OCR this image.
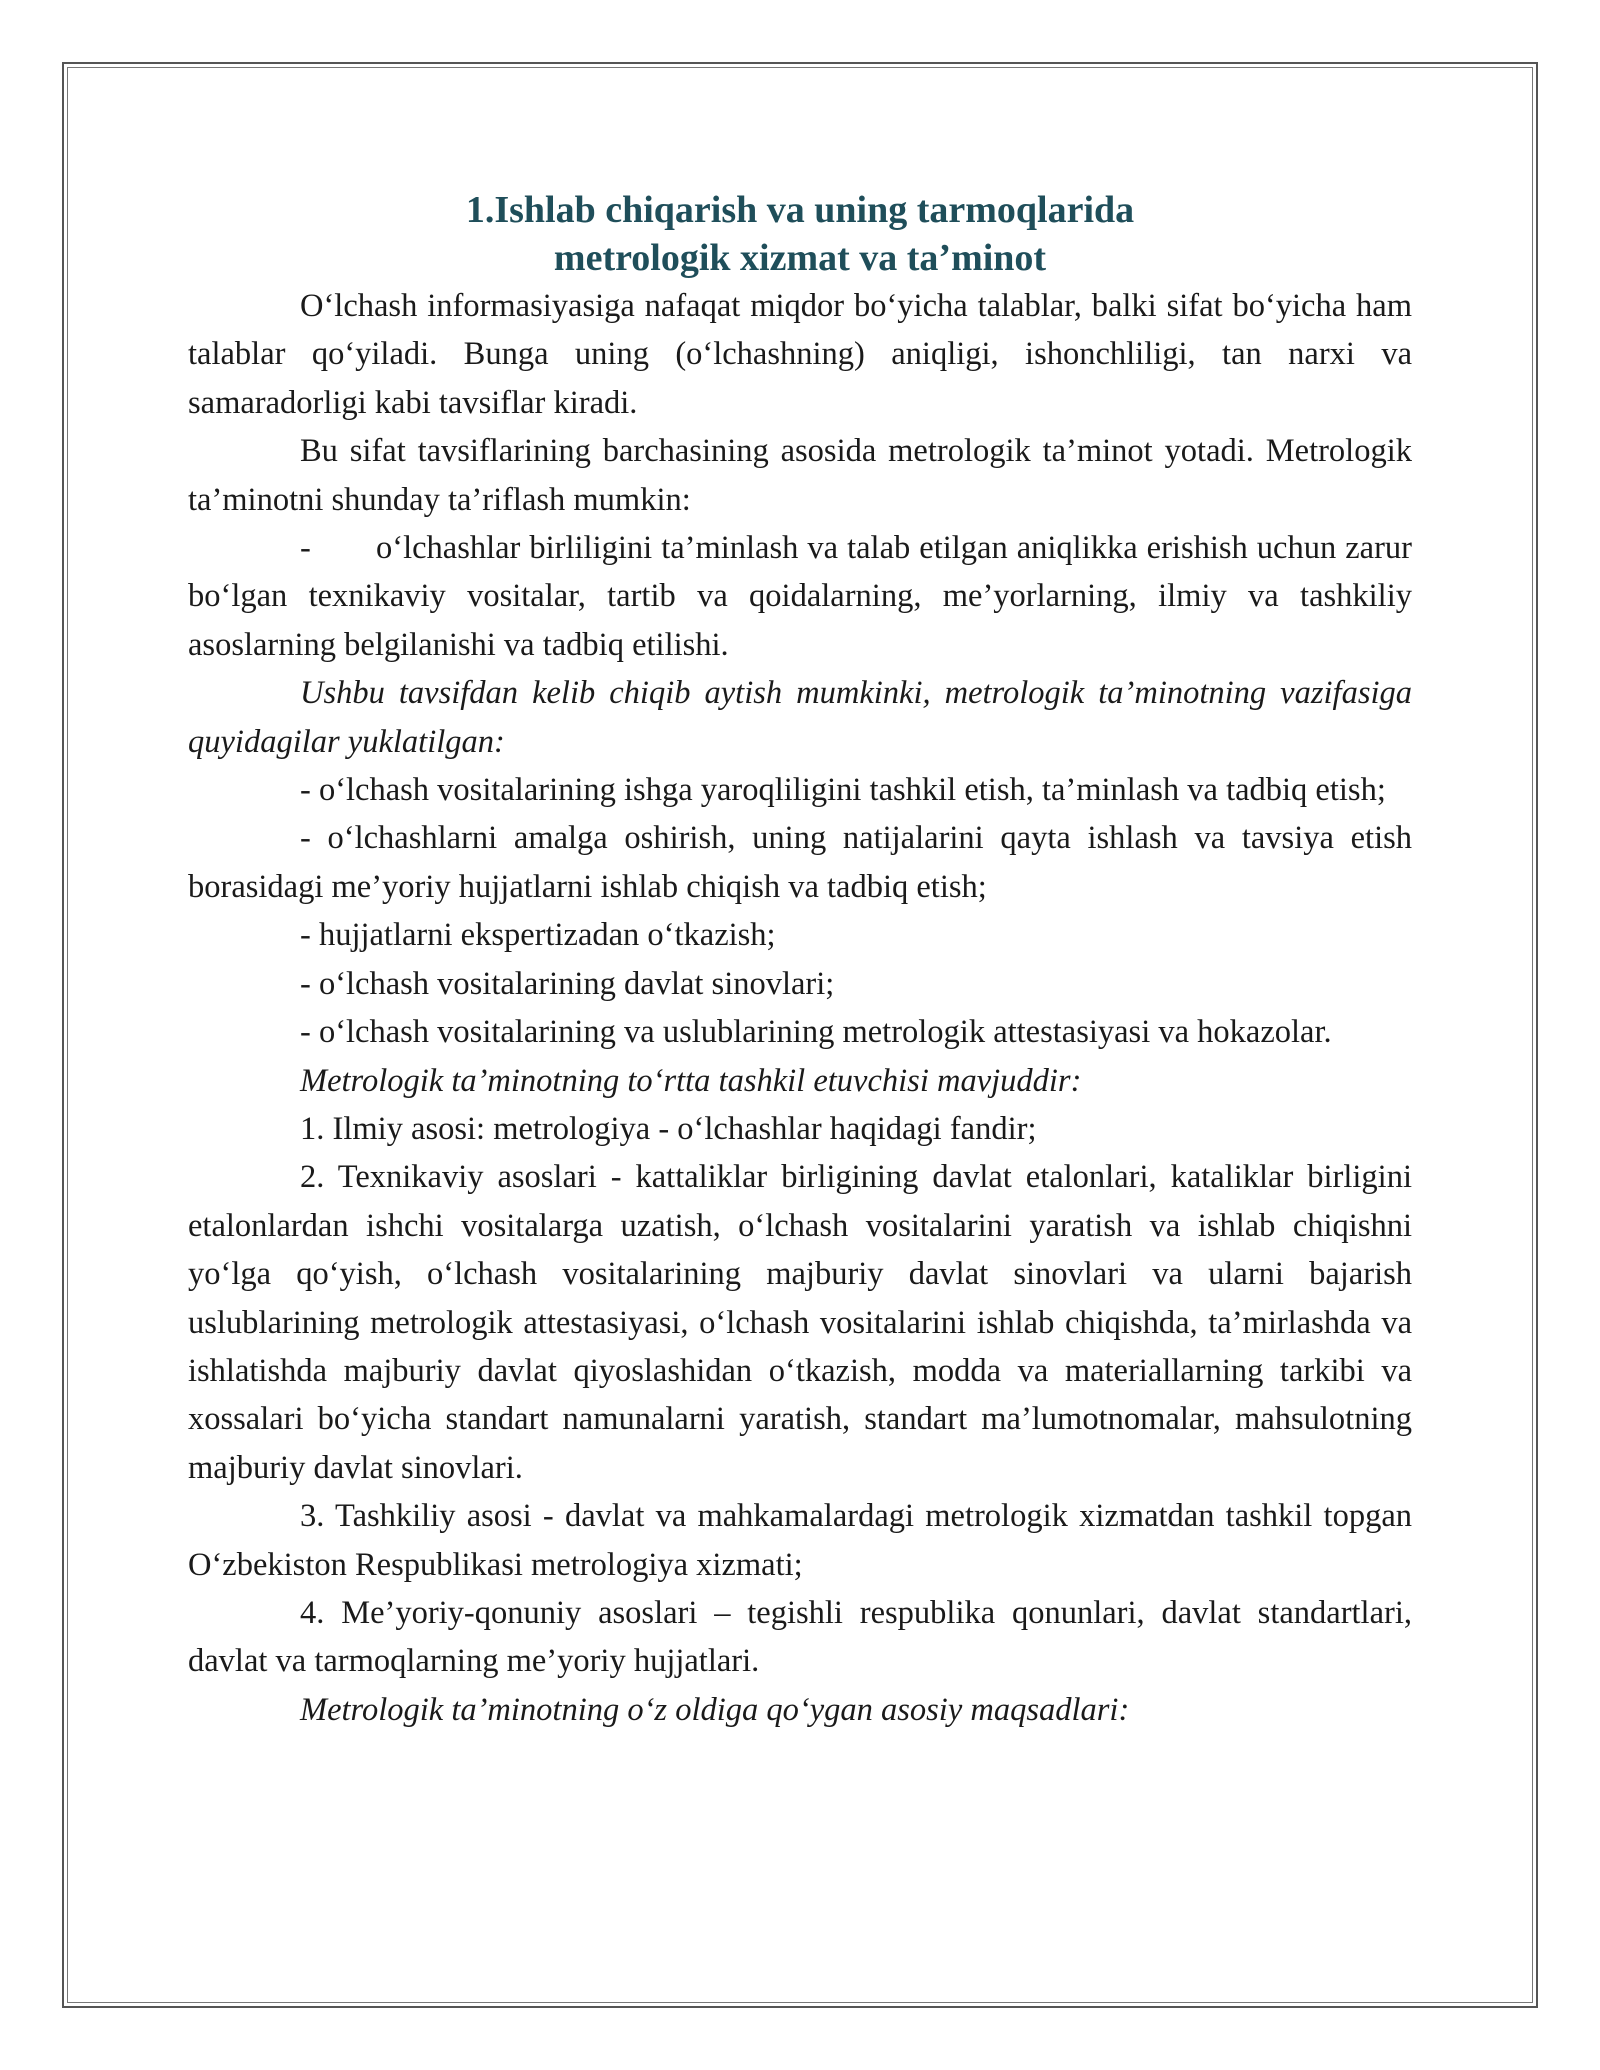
1.Ishlab chiqarish va uning tarmoqlarida
metrologik xizmat va ta’minot

O‘lchash informasiyasiga nafaqat miqdor bo‘yicha talablar, balki sifat bo‘yicha ham talablar qo‘yiladi. Bunga uning (o‘lchashning) aniqligi, ishonchliligi, tan narxi va samaradorligi kabi tavsiflar kiradi.

Bu sifat tavsiflarining barchasining asosida metrologik ta’minot yotadi. Metrologik ta’minotni shunday ta’riflash mumkin:

- o‘lchashlar birliligini ta’minlash va talab etilgan aniqlikka erishish uchun zarur bo‘lgan texnikaviy vositalar, tartib va qoidalarning, me’yorlarning, ilmiy va tashkiliy asoslarning belgilanishi va tadbiq etilishi.

Ushbu tavsifdan kelib chiqib aytish mumkinki, metrologik ta’minotning vazifasiga quyidagilar yuklatilgan:

- o‘lchash vositalarining ishga yaroqliligini tashkil etish, ta’minlash va tadbiq etish;

- o‘lchashlarni amalga oshirish, uning natijalarini qayta ishlash va tavsiya etish borasidagi me’yoriy hujjatlarni ishlab chiqish va tadbiq etish;

- hujjatlarni ekspertizadan o‘tkazish;

- o‘lchash vositalarining davlat sinovlari;

- o‘lchash vositalarining va uslublarining metrologik attestasiyasi va hokazolar.

Metrologik ta’minotning to‘rtta tashkil etuvchisi mavjuddir:

1. Ilmiy asosi: metrologiya - o‘lchashlar haqidagi fandir;

2. Texnikaviy asoslari - kattaliklar birligining davlat etalonlari, kataliklar birligini etalonlardan ishchi vositalarga uzatish, o‘lchash vositalarini yaratish va ishlab chiqishni yo‘lga qo‘yish, o‘lchash vositalarining majburiy davlat sinovlari va ularni bajarish uslublarining metrologik attestasiyasi, o‘lchash vositalarini ishlab chiqishda, ta’mirlashda va ishlatishda majburiy davlat qiyoslashidan o‘tkazish, modda va materiallarning tarkibi va xossalari bo‘yicha standart namunalarni yaratish, standart ma’lumotnomalar, mahsulotning majburiy davlat sinovlari.

3. Tashkiliy asosi - davlat va mahkamalardagi metrologik xizmatdan tashkil topgan O‘zbekiston Respublikasi metrologiya xizmati;

4. Me’yoriy-qonuniy asoslari – tegishli respublika qonunlari, davlat standartlari, davlat va tarmoqlarning me’yoriy hujjatlari.

Metrologik ta’minotning o‘z oldiga qo‘ygan asosiy maqsadlari:
